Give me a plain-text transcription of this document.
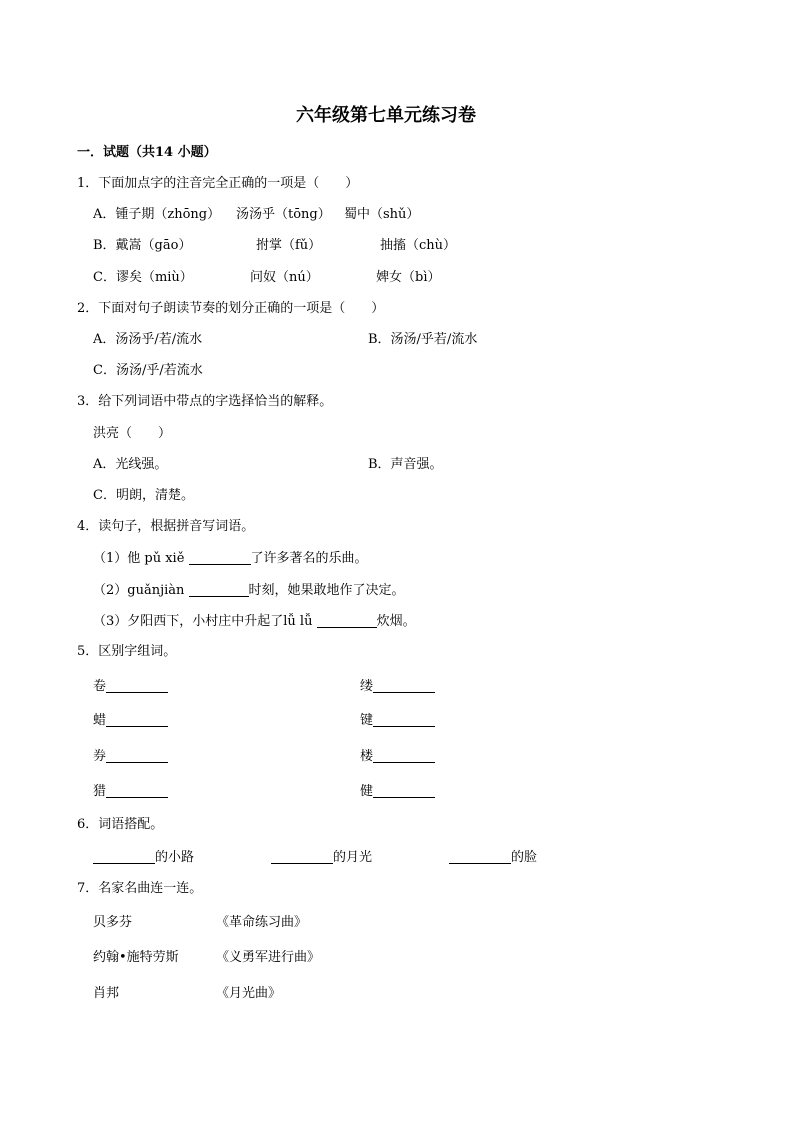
六年级第七单元练习卷
一．试题（共14 小题）
1．下面加点字的注音完全正确的一项是（　　）
A．锺子期（zhōng） 汤汤乎（tōng） 蜀中（shǔ）
B．戴嵩（gāo）	拊掌（fǔ）	抽搐（chù）
C．谬矣（miù）	问奴（nú）	婢女（bì）
2．下面对句子朗读节奏的划分正确的一项是（　　）
A．汤汤乎/若/流水	B．汤汤/乎若/流水
C．汤汤/乎/若流水
3．给下列词语中带点的字选择恰当的解释。
洪亮（　　）
A．光线强。	B．声音强。
C．明朗，清楚。
4．读句子，根据拼音写词语。
（1）他 pǔ xiě	了许多著名的乐曲。
（2）guǎnjiàn	时刻，她果敢地作了决定。
（3）夕阳西下，小村庄中升起了lǚ lǚ	炊烟。
5．区别字组词。
卷	缕
蜡	键
券	楼
猎	健
6．词语搭配。
的小路	的月光	的脸
7．名家名曲连一连。
贝多芬	《革命练习曲》
约翰•施特劳斯	《义勇军进行曲》
肖邦	《月光曲》
